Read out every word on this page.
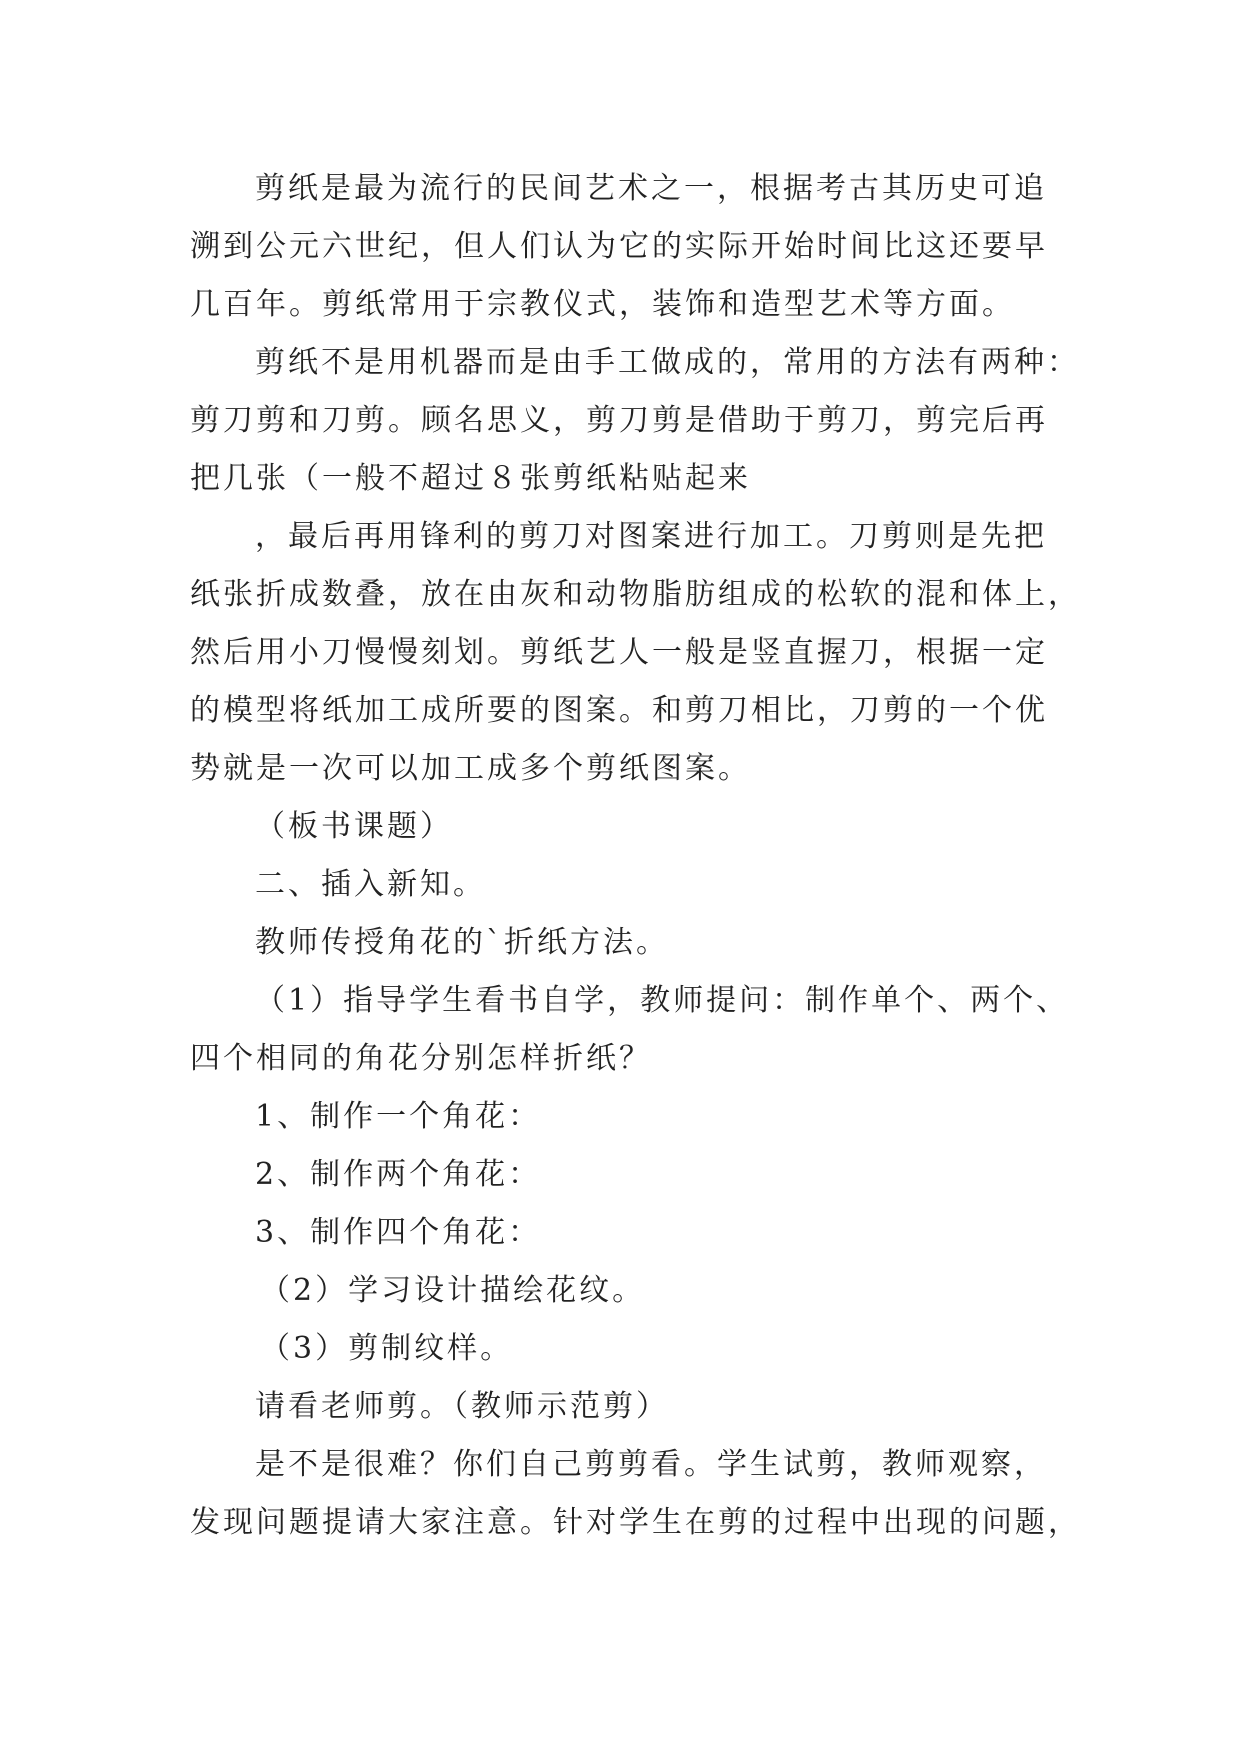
剪纸是最为流行的民间艺术之一，根据考古其历史可追
溯到公元六世纪，但人们认为它的实际开始时间比这还要早
几百年。剪纸常用于宗教仪式，装饰和造型艺术等方面。
剪纸不是用机器而是由手工做成的，常用的方法有两种：
剪刀剪和刀剪。顾名思义，剪刀剪是借助于剪刀，剪完后再
把几张（一般不超过８张剪纸粘贴起来
，最后再用锋利的剪刀对图案进行加工。刀剪则是先把
纸张折成数叠，放在由灰和动物脂肪组成的松软的混和体上，
然后用小刀慢慢刻划。剪纸艺人一般是竖直握刀，根据一定
的模型将纸加工成所要的图案。和剪刀相比，刀剪的一个优
势就是一次可以加工成多个剪纸图案。
（板书课题）
二、插入新知。
教师传授角花的`折纸方法。
（1）指导学生看书自学，教师提问：制作单个、两个、
四个相同的角花分别怎样折纸？
1、制作一个角花：
2、制作两个角花：
3、制作四个角花：
（2）学习设计描绘花纹。
（3）剪制纹样。
请看老师剪。（教师示范剪）
是不是很难？你们自己剪剪看。学生试剪，教师观察，
发现问题提请大家注意。针对学生在剪的过程中出现的问题，
